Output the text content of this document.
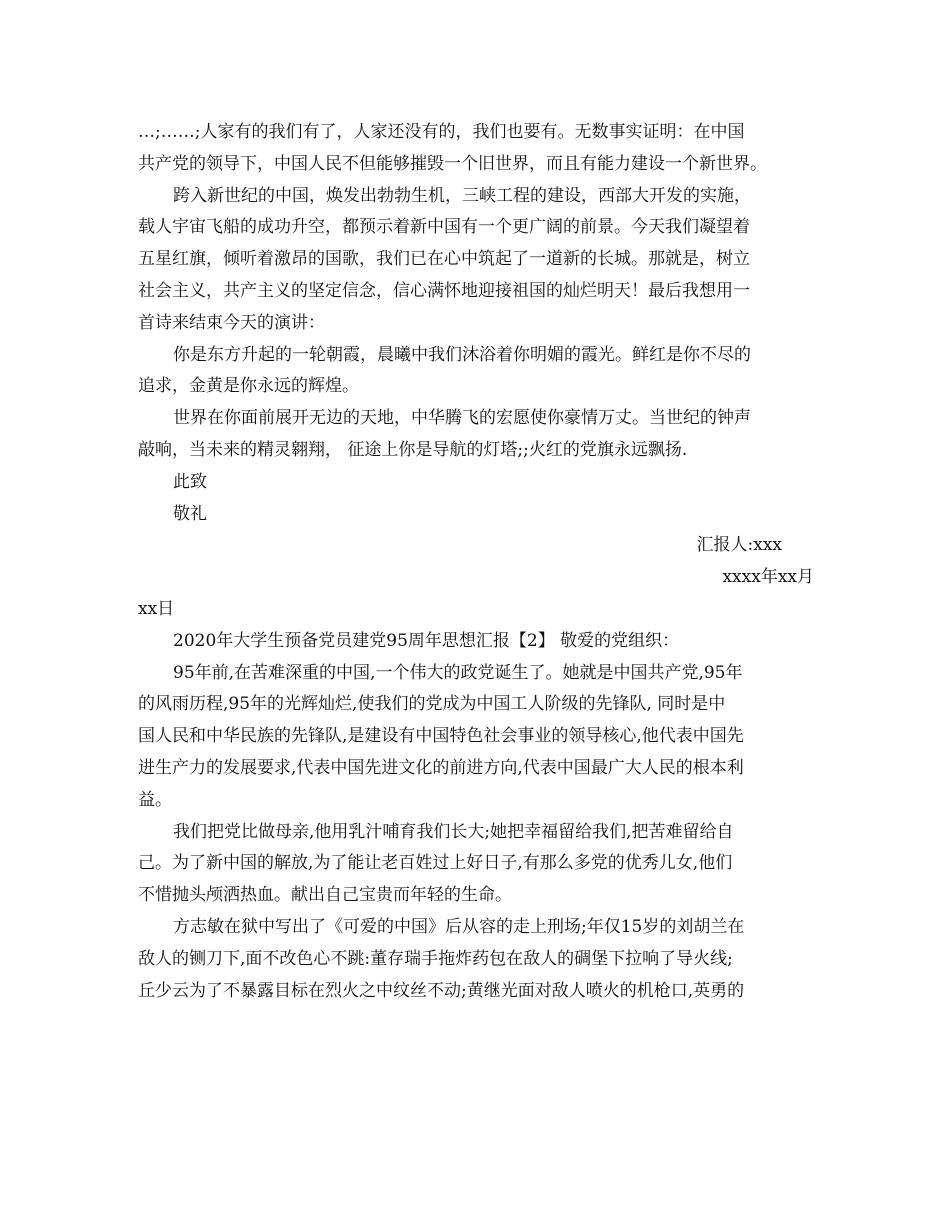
…;……;人家有的我们有了，人家还没有的，我们也要有。无数事实证明：在中国
共产党的领导下，中国人民不但能够摧毁一个旧世界，而且有能力建设一个新世界。
跨入新世纪的中国，焕发出勃勃生机，三峡工程的建设，西部大开发的实施，
载人宇宙飞船的成功升空，都预示着新中国有一个更广阔的前景。今天我们凝望着
五星红旗，倾听着激昂的国歌，我们已在心中筑起了一道新的长城。那就是，树立
社会主义，共产主义的坚定信念，信心满怀地迎接祖国的灿烂明天！最后我想用一
首诗来结束今天的演讲：
你是东方升起的一轮朝霞，晨曦中我们沐浴着你明媚的霞光。鲜红是你不尽的
追求，金黄是你永远的辉煌。
世界在你面前展开无边的天地，中华腾飞的宏愿使你豪情万丈。当世纪的钟声
敲响，当未来的精灵翱翔， 征途上你是导航的灯塔;;火红的党旗永远飘扬.
此致
敬礼
汇报人:xxx
xxxx年xx月
xx日
2020年大学生预备党员建党95周年思想汇报【2】 敬爱的党组织：
95年前,在苦难深重的中国,一个伟大的政党诞生了。她就是中国共产党,95年
的风雨历程,95年的光辉灿烂,使我们的党成为中国工人阶级的先锋队, 同时是中
国人民和中华民族的先锋队,是建设有中国特色社会事业的领导核心,他代表中国先
进生产力的发展要求,代表中国先进文化的前进方向,代表中国最广大人民的根本利
益。
我们把党比做母亲,他用乳汁哺育我们长大;她把幸福留给我们,把苦难留给自
己。为了新中国的解放,为了能让老百姓过上好日子,有那么多党的优秀儿女,他们
不惜抛头颅洒热血。献出自己宝贵而年轻的生命。
方志敏在狱中写出了《可爱的中国》后从容的走上刑场;年仅15岁的刘胡兰在
敌人的铡刀下,面不改色心不跳:董存瑞手拖炸药包在敌人的碉堡下拉响了导火线;
丘少云为了不暴露目标在烈火之中纹丝不动;黄继光面对敌人喷火的机枪口,英勇的
